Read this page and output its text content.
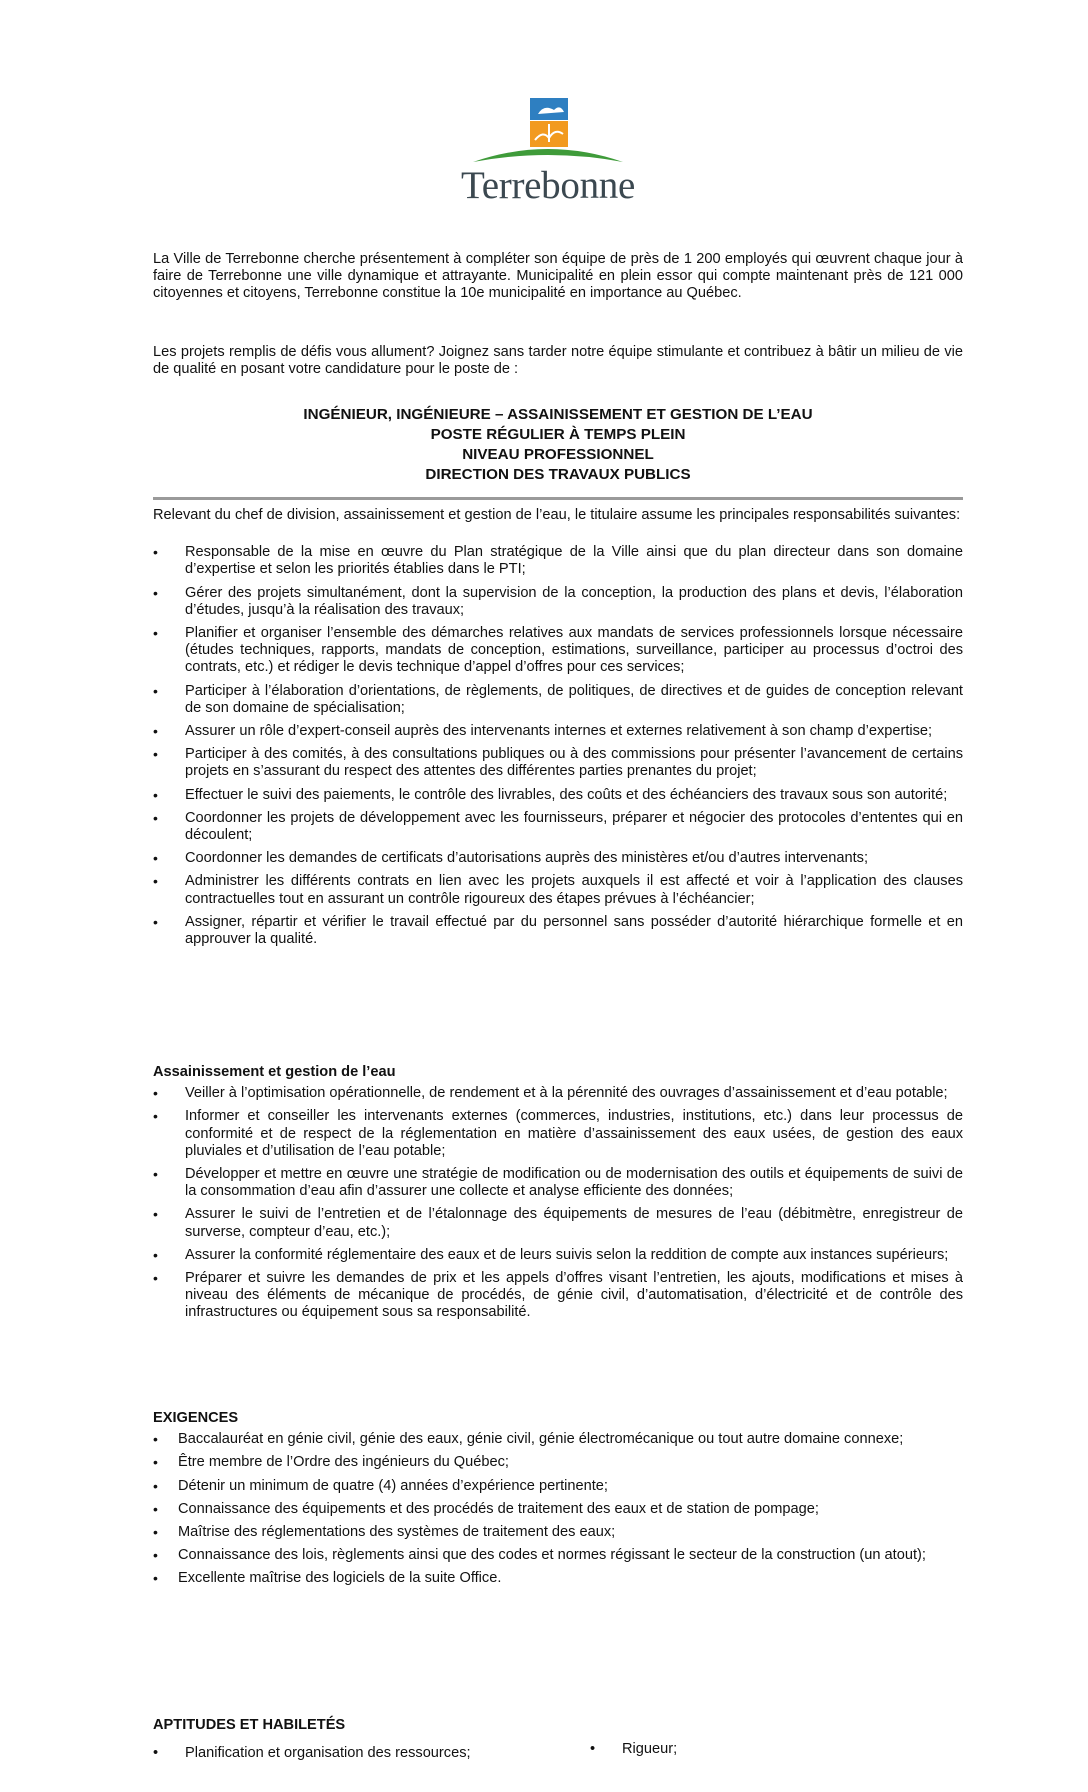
Terrebonne

La Ville de Terrebonne cherche présentement à compléter son équipe de près de 1 200 employés qui œuvrent chaque jour à faire de Terrebonne une ville dynamique et attrayante. Municipalité en plein essor qui compte maintenant près de 121 000 citoyennes et citoyens, Terrebonne constitue la 10e municipalité en importance au Québec.

Les projets remplis de défis vous allument? Joignez sans tarder notre équipe stimulante et contribuez à bâtir un milieu de vie de qualité en posant votre candidature pour le poste de :

INGÉNIEUR, INGÉNIEURE – ASSAINISSEMENT ET GESTION DE L’EAU
POSTE RÉGULIER À TEMPS PLEIN
NIVEAU PROFESSIONNEL
DIRECTION DES TRAVAUX PUBLICS

Relevant du chef de division, assainissement et gestion de l’eau, le titulaire assume les principales responsabilités suivantes:

• Responsable de la mise en œuvre du Plan stratégique de la Ville ainsi que du plan directeur dans son domaine d’expertise et selon les priorités établies dans le PTI;
• Gérer des projets simultanément, dont la supervision de la conception, la production des plans et devis, l’élaboration d’études, jusqu’à la réalisation des travaux;
• Planifier et organiser l’ensemble des démarches relatives aux mandats de services professionnels lorsque nécessaire (études techniques, rapports, mandats de conception, estimations, surveillance, participer au processus d’octroi des contrats, etc.) et rédiger le devis technique d’appel d’offres pour ces services;
• Participer à l’élaboration d’orientations, de règlements, de politiques, de directives et de guides de conception relevant de son domaine de spécialisation;
• Assurer un rôle d’expert-conseil auprès des intervenants internes et externes relativement à son champ d’expertise;
• Participer à des comités, à des consultations publiques ou à des commissions pour présenter l’avancement de certains projets en s’assurant du respect des attentes des différentes parties prenantes du projet;
• Effectuer le suivi des paiements, le contrôle des livrables, des coûts et des échéanciers des travaux sous son autorité;
• Coordonner les projets de développement avec les fournisseurs, préparer et négocier des protocoles d’ententes qui en découlent;
• Coordonner les demandes de certificats d’autorisations auprès des ministères et/ou d’autres intervenants;
• Administrer les différents contrats en lien avec les projets auxquels il est affecté et voir à l’application des clauses contractuelles tout en assurant un contrôle rigoureux des étapes prévues à l’échéancier;
• Assigner, répartir et vérifier le travail effectué par du personnel sans posséder d’autorité hiérarchique formelle et en approuver la qualité.

Assainissement et gestion de l’eau

• Veiller à l’optimisation opérationnelle, de rendement et à la pérennité des ouvrages d’assainissement et d’eau potable;
• Informer et conseiller les intervenants externes (commerces, industries, institutions, etc.) dans leur processus de conformité et de respect de la réglementation en matière d’assainissement des eaux usées, de gestion des eaux pluviales et d’utilisation de l’eau potable;
• Développer et mettre en œuvre une stratégie de modification ou de modernisation des outils et équipements de suivi de la consommation d’eau afin d’assurer une collecte et analyse efficiente des données;
• Assurer le suivi de l’entretien et de l’étalonnage des équipements de mesures de l’eau (débitmètre, enregistreur de surverse, compteur d’eau, etc.);
• Assurer la conformité réglementaire des eaux et de leurs suivis selon la reddition de compte aux instances supérieurs;
• Préparer et suivre les demandes de prix et les appels d’offres visant l’entretien, les ajouts, modifications et mises à niveau des éléments de mécanique de procédés, de génie civil, d’automatisation, d’électricité et de contrôle des infrastructures ou équipement sous sa responsabilité.

EXIGENCES

• Baccalauréat en génie civil, génie des eaux, génie civil, génie électromécanique ou tout autre domaine connexe;
• Être membre de l’Ordre des ingénieurs du Québec;
• Détenir un minimum de quatre (4) années d’expérience pertinente;
• Connaissance des équipements et des procédés de traitement des eaux et de station de pompage;
• Maîtrise des réglementations des systèmes de traitement des eaux;
• Connaissance des lois, règlements ainsi que des codes et normes régissant le secteur de la construction (un atout);
• Excellente maîtrise des logiciels de la suite Office.

APTITUDES ET HABILETÉS

• Planification et organisation des ressources;
•	Rigueur;
